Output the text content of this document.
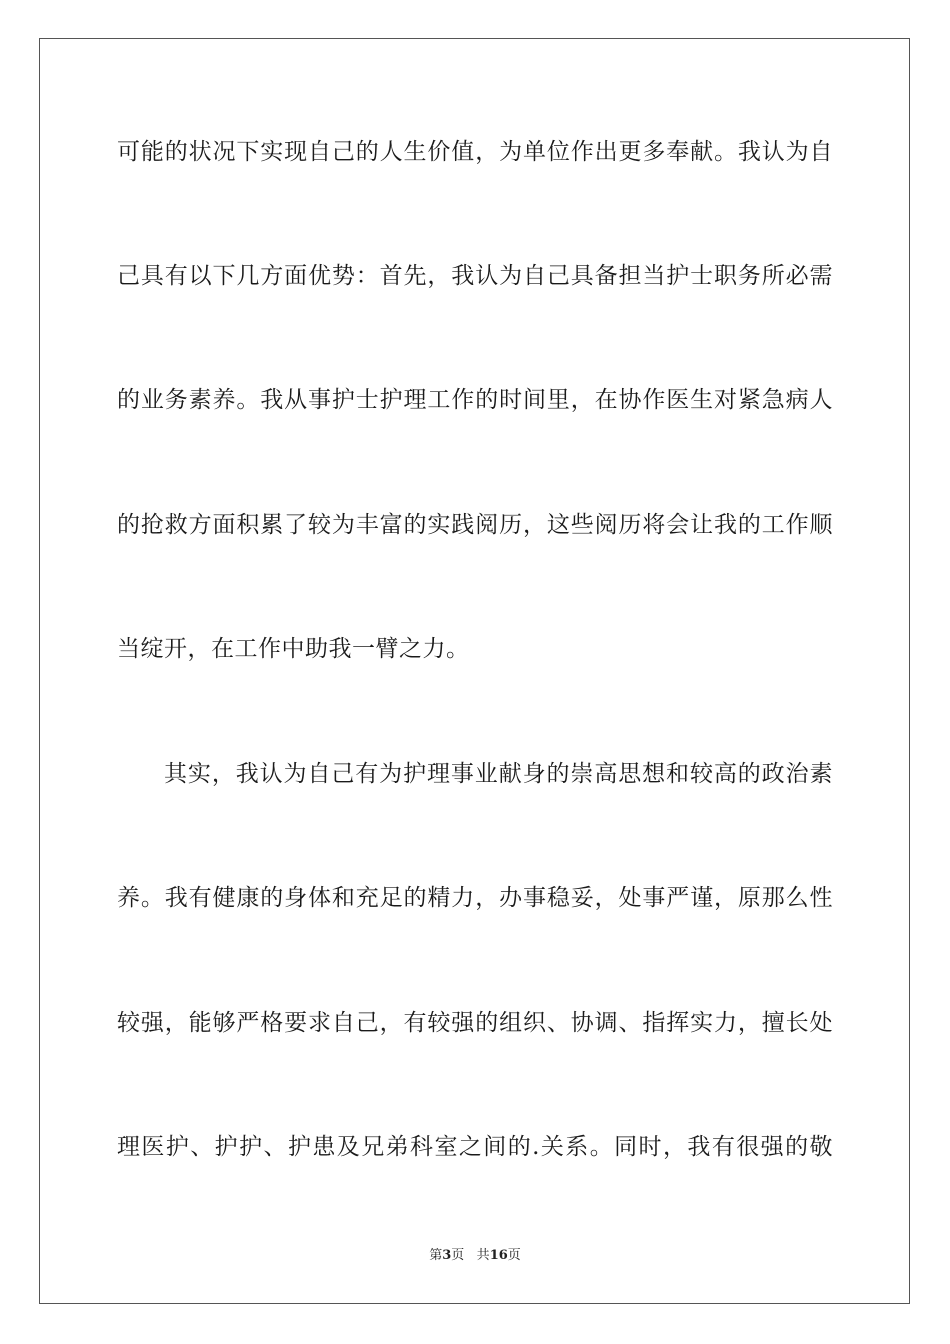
可能的状况下实现自己的人生价值，为单位作出更多奉献。我认为自
己具有以下几方面优势：首先，我认为自己具备担当护士职务所必需
的业务素养。我从事护士护理工作的时间里，在协作医生对紧急病人
的抢救方面积累了较为丰富的实践阅历，这些阅历将会让我的工作顺
当绽开，在工作中助我一臂之力。
其实，我认为自己有为护理事业献身的崇高思想和较高的政治素
养。我有健康的身体和充足的精力，办事稳妥，处事严谨，原那么性
较强，能够严格要求自己，有较强的组织、协调、指挥实力，擅长处
理医护、护护、护患及兄弟科室之间的.关系。同时，我有很强的敬
第3页 共16页
